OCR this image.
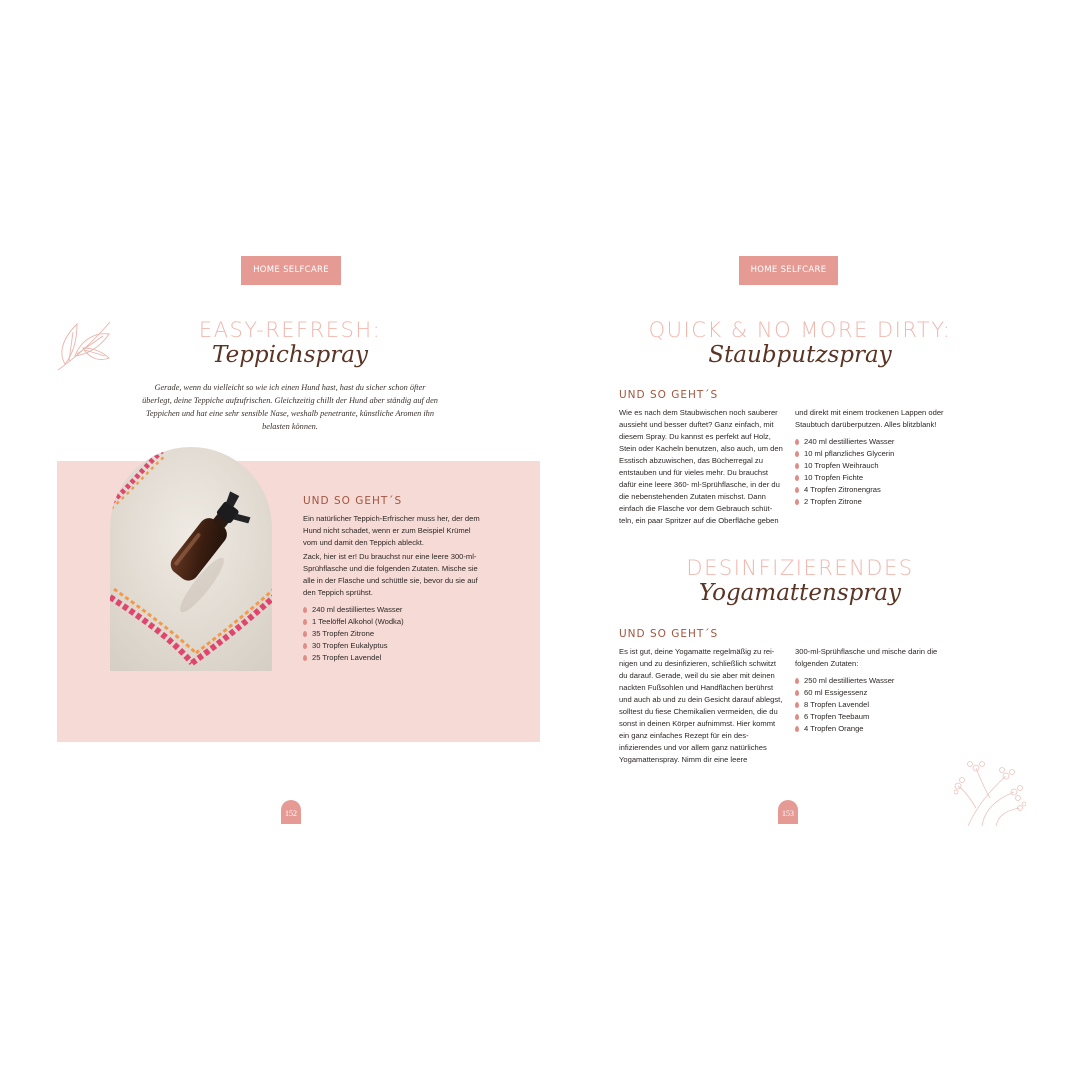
HOME SELFCARE
EASY-REFRESH:
Teppichspray
Gerade, wenn du vielleicht so wie ich einen Hund hast, hast du sicher schon öfter überlegt, deine Teppiche aufzufrischen. Gleichzeitig chillt der Hund aber ständig auf den Teppichen und hat eine sehr sensible Nase, weshalb penetrante, künstliche Aromen ihn belasten können.
UND SO GEHT´S

Ein natürlicher Teppich-Erfrischer muss her, der dem Hund nicht schadet, wenn er zum Beispiel Krümel vom und damit den Teppich ableckt.

Zack, hier ist er! Du brauchst nur eine leere 300-ml-Sprühflasche und die folgenden Zutaten. Mische sie alle in der Flasche und schüttle sie, bevor du sie auf den Teppich sprühst.

240 ml destilliertes Wasser
1 Teelöffel Alkohol (Wodka)
35 Tropfen Zitrone
30 Tropfen Eukalyptus
25 Tropfen Lavendel
152
HOME SELFCARE
QUICK & NO MORE DIRTY:
Staubputzspray
UND SO GEHT´S

Wie es nach dem Staubwischen noch sauberer aussieht und besser duftet? Ganz einfach, mit diesem Spray. Du kannst es perfekt auf Holz, Stein oder Kacheln benutzen, also auch, um den Esstisch abzuwischen, das Bücherregal zu entstauben und für vieles mehr. Du brauchst dafür eine leere 360- ml-Sprühflasche, in der du die nebenstehenden Zutaten mischst. Dann einfach die Flasche vor dem Gebrauch schüt-teln, ein paar Spritzer auf die Oberfläche geben

und direkt mit einem trockenen Lappen oder Staubtuch darüberputzen. Alles blitzblank!

240 ml destilliertes Wasser
10 ml pflanzliches Glycerin
10 Tropfen Weihrauch
10 Tropfen Fichte
4 Tropfen Zitronengras
2 Tropfen Zitrone
DESINFIZIERENDES
Yogamattenspray
UND SO GEHT´S

Es ist gut, deine Yogamatte regelmäßig zu rei-nigen und zu desinfizieren, schließlich schwitzt du darauf. Gerade, weil du sie aber mit deinen nackten Fußsohlen und Handflächen berührst und auch ab und zu dein Gesicht darauf ablegst, solltest du fiese Chemikalien vermeiden, die du sonst in deinen Körper aufnimmst. Hier kommt ein ganz einfaches Rezept für ein des-infizierendes und vor allem ganz natürliches Yogamattenspray. Nimm dir eine leere

300-ml-Sprühflasche und mische darin die folgenden Zutaten:

250 ml destilliertes Wasser
60 ml Essigessenz
8 Tropfen Lavendel
6 Tropfen Teebaum
4 Tropfen Orange
153
